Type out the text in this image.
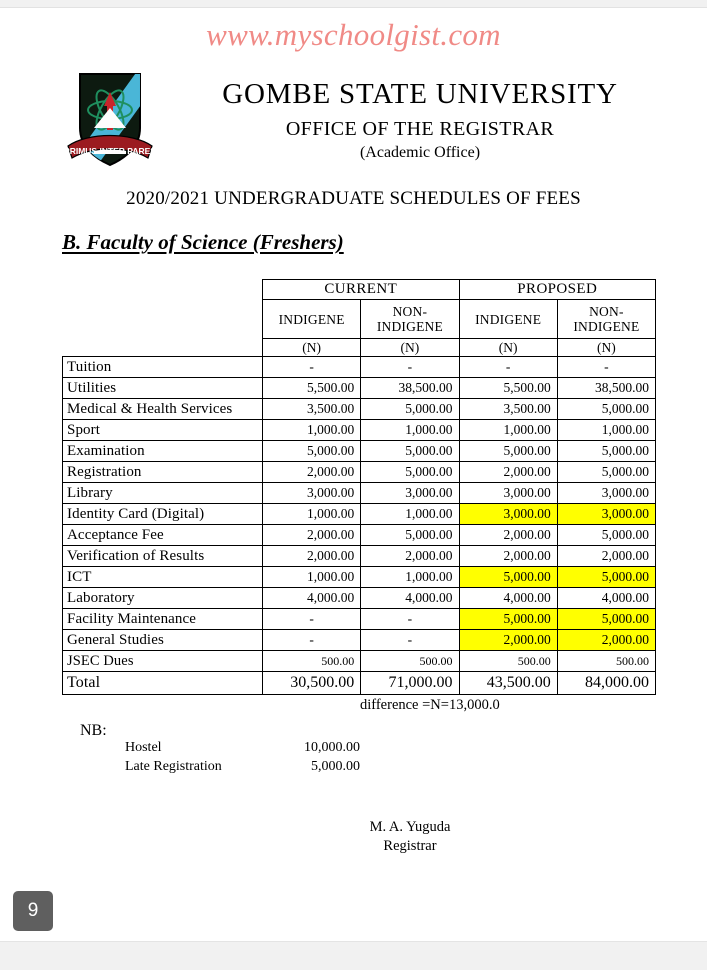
www.myschoolgist.com
PRIMUS INTER PARES
GOMBE STATE UNIVERSITY
OFFICE OF THE REGISTRAR
(Academic Office)
2020/2021 UNDERGRADUATE SCHEDULES OF FEES
B. Faculty of Science (Freshers)
	CURRENT		PROPOSED	
	INDIGENE	NON-INDIGENE	INDIGENE	NON-INDIGENE
	(N)	(N)	(N)	(N)
Tuition	-	-	-	-
Utilities	5,500.00	38,500.00	5,500.00	38,500.00
Medical & Health Services	3,500.00	5,000.00	3,500.00	5,000.00
Sport	1,000.00	1,000.00	1,000.00	1,000.00
Examination	5,000.00	5,000.00	5,000.00	5,000.00
Registration	2,000.00	5,000.00	2,000.00	5,000.00
Library	3,000.00	3,000.00	3,000.00	3,000.00
Identity Card (Digital)	1,000.00	1,000.00	3,000.00	3,000.00
Acceptance Fee	2,000.00	5,000.00	2,000.00	5,000.00
Verification of Results	2,000.00	2,000.00	2,000.00	2,000.00
ICT	1,000.00	1,000.00	5,000.00	5,000.00
Laboratory	4,000.00	4,000.00	4,000.00	4,000.00
Facility Maintenance	-	-	5,000.00	5,000.00
General Studies	-	-	2,000.00	2,000.00
JSEC Dues	500.00	500.00	500.00	500.00
Total	30,500.00	71,000.00	43,500.00	84,000.00
difference =N=13,000.0
NB:
Hostel	10,000.00
Late Registration	5,000.00
M. A. Yuguda
Registrar
9
